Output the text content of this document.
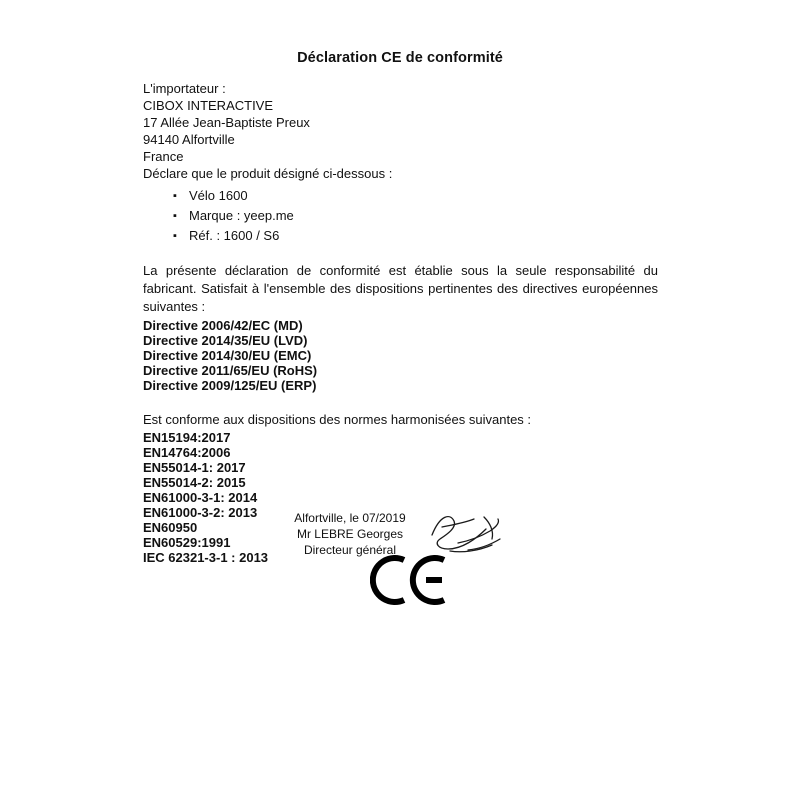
Déclaration CE de conformité
L'importateur :
CIBOX INTERACTIVE
17 Allée Jean-Baptiste Preux
94140 Alfortville
France
Déclare que le produit désigné ci-dessous :
▪ Vélo 1600
▪ Marque : yeep.me
▪ Réf. : 1600 / S6
La présente déclaration de conformité est établie sous la seule responsabilité du fabricant. Satisfait à l'ensemble des dispositions pertinentes des directives européennes suivantes :
Directive 2006/42/EC (MD)
Directive 2014/35/EU (LVD)
Directive 2014/30/EU (EMC)
Directive 2011/65/EU (RoHS)
Directive 2009/125/EU (ERP)
Est conforme aux dispositions des normes harmonisées suivantes :
EN15194:2017
EN14764:2006
EN55014-1: 2017
EN55014-2: 2015
EN61000-3-1: 2014
EN61000-3-2: 2013
EN60950
EN60529:1991
IEC 62321-3-1 : 2013
Alfortville, le 07/2019
Mr LEBRE Georges
Directeur général
